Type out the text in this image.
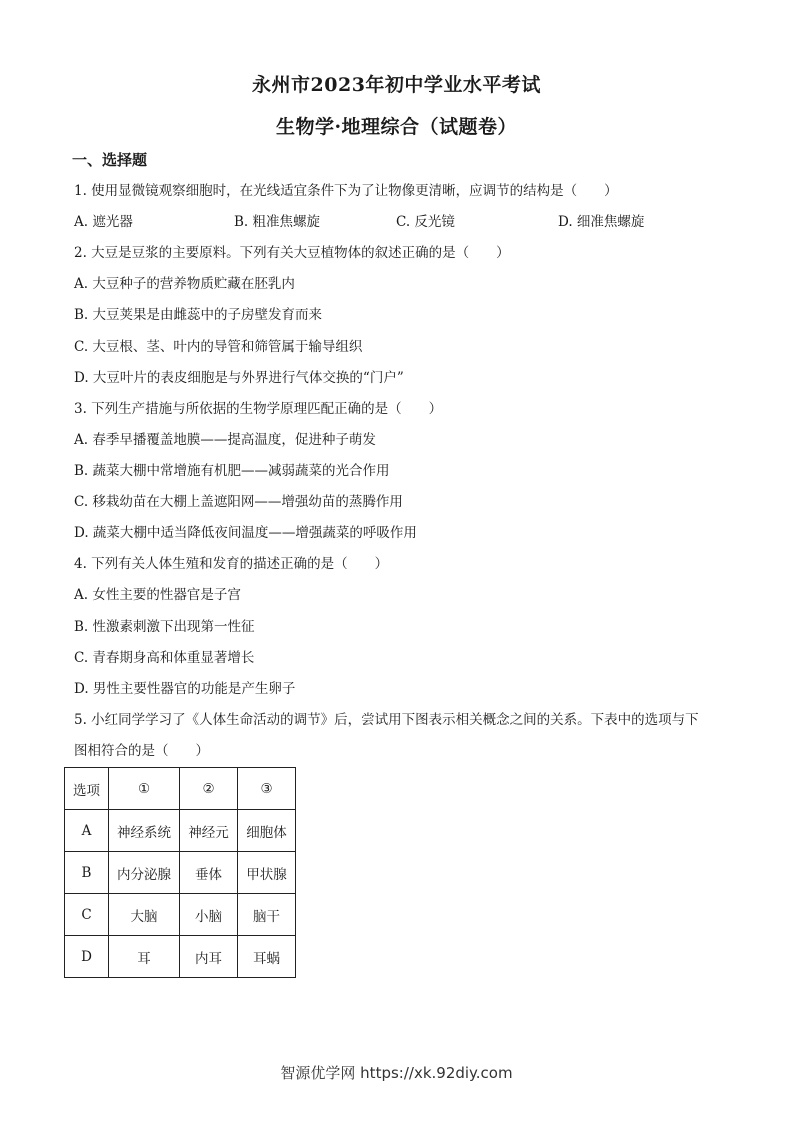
永州市2023年初中学业水平考试
生物学·地理综合（试题卷）
一、选择题
1. 使用显微镜观察细胞时，在光线适宜条件下为了让物像更清晰，应调节的结构是（　　）
A. 遮光器	B. 粗准焦螺旋	C. 反光镜	D. 细准焦螺旋
2. 大豆是豆浆的主要原料。下列有关大豆植物体的叙述正确的是（　　）
A. 大豆种子的营养物质贮藏在胚乳内
B. 大豆荚果是由雌蕊中的子房壁发育而来
C. 大豆根、茎、叶内的导管和筛管属于输导组织
D. 大豆叶片的表皮细胞是与外界进行气体交换的“门户”
3. 下列生产措施与所依据的生物学原理匹配正确的是（　　）
A. 春季早播覆盖地膜——提高温度，促进种子萌发
B. 蔬菜大棚中常增施有机肥——减弱蔬菜的光合作用
C. 移栽幼苗在大棚上盖遮阳网——增强幼苗的蒸腾作用
D. 蔬菜大棚中适当降低夜间温度——增强蔬菜的呼吸作用
4. 下列有关人体生殖和发育的描述正确的是（　　）
A. 女性主要的性器官是子宫
B. 性激素刺激下出现第一性征
C. 青春期身高和体重显著增长
D. 男性主要性器官的功能是产生卵子
5. 小红同学学习了《人体生命活动的调节》后，尝试用下图表示相关概念之间的关系。下表中的选项与下
图相符合的是（　　）
选项	①	②	③
A	神经系统	神经元	细胞体
B	内分泌腺	垂体	甲状腺
C	大脑	小脑	脑干
D	耳	内耳	耳蜗
智源优学网 https://xk.92diy.com
